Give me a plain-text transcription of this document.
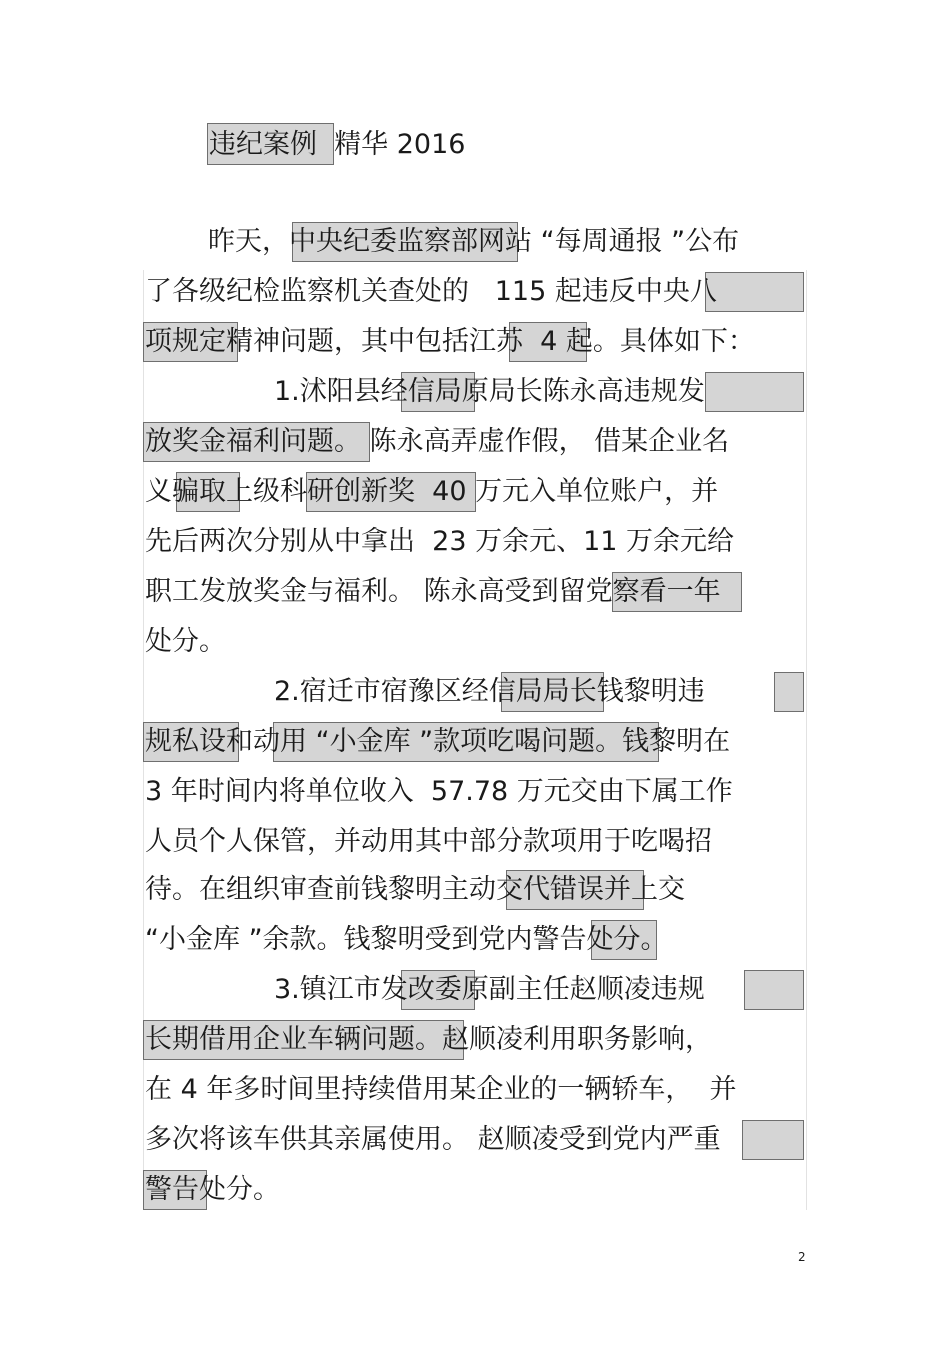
违纪案例  精华 2016
昨天，中央纪委监察部网站 “每周通报 ”公布
了各级纪检监察机关查处的   115 起违反中央八
项规定精神问题，其中包括江苏  4 起。具体如下：
1.沭阳县经信局原局长陈永高违规发
放奖金福利问题。 陈永高弄虚作假， 借某企业名
义骗取上级科研创新奖  40 万元入单位账户，并
先后两次分别从中拿出  23 万余元、11 万余元给
职工发放奖金与福利。 陈永高受到留党察看一年
处分。
2.宿迁市宿豫区经信局局长钱黎明违
规私设和动用 “小金库 ”款项吃喝问题。钱黎明在
3 年时间内将单位收入  57.78 万元交由下属工作
人员个人保管，并动用其中部分款项用于吃喝招
待。在组织审查前钱黎明主动交代错误并上交
“小金库 ”余款。钱黎明受到党内警告处分。
3.镇江市发改委原副主任赵顺凌违规
长期借用企业车辆问题。赵顺凌利用职务影响，
在 4 年多时间里持续借用某企业的一辆轿车，  并
多次将该车供其亲属使用。 赵顺凌受到党内严重
警告处分。
2
